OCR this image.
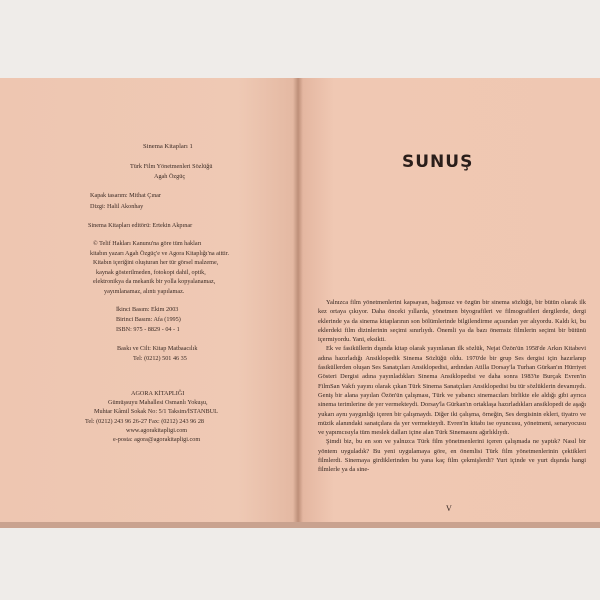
Sinema Kitapları 1
Türk Film Yönetmenleri Sözlüğü
Agah Özgüç
Kapak tasarım: Mithat Çınar
Dizgi: Halil Akonhay
Sinema Kitapları editörü: Ertekin Akpınar
© Telif Hakları Kanunu'na göre tüm hakları
kitabın yazarı Agah Özgüç'e ve Agora Kitaplığı'na aittir.
Kitabın içeriğini oluşturan her tür görsel malzeme,
kaynak gösterilmeden, fotokopi dahil, optik,
elektronikya da mekanik bir yolla kopyalanamaz,
yayımlanamaz, alıntı yapılamaz.
İkinci Basım: Ekim 2003
Birinci Basım: Afa (1995)
ISBN: 975 - 8829 - 04 - 1
Baskı ve Cilt: Kitap Matbaacılık
Tel: (0212) 501 46 35
AGORA KİTAPLIĞI
Gümüşsuyu Mahallesi Osmanlı Yokuşu,
Muhtar Kâmil Sokak No: 5/1 Taksim/İSTANBUL
Tel: (0212) 243 96 26-27 Fax: (0212) 243 96 28
www.agorakitapligi.com
e-posta: agora@agorakitapligi.com
SUNUŞ

Yalnızca film yönetmenlerini kapsayan, bağımsız ve özgün bir sinema sözlüğü, bir bütün olarak ilk kez ortaya çıkıyor. Daha önceki yıllarda, yönetmen biyografileri ve filmografileri dergilerde, dergi eklerinde ya da sinema kitaplarının son bölümlerinde bilgilendirme açısından yer alıyordu. Kaldı ki, bu eklerdeki film dizinlerinin seçimi sınırlıydı. Önemli ya da bazı önemsiz filmlerin seçimi bir bütünü içermiyordu. Yani, eksikti.

Ek ve fasiküllerin dışında kitap olarak yayınlanan ilk sözlük, Nejat Özön'ün 1958'de Arkın Kitabevi adına hazırladığı Ansiklopedik Sinema Sözlüğü oldu. 1970'de bir grup Ses dergisi için hazırlanıp fasiküllerden oluşan Ses Sanatçıları Ansiklopedisi, ardından Atilla Dorsay'la Turhan Gürkan'ın Hürriyet Gösteri Dergisi adına yayınladıkları Sinema Ansiklopedisi ve daha sonra 1983'te Burçak Evren'in FilmSan Vakfı yayını olarak çıkan Türk Sinema Sanatçıları Ansiklopedisi bu tür sözlüklerin devamıydı. Geniş bir alana yayılan Özön'ün çalışması, Türk ve yabancı sinemacıları birlikte ele aldığı gibi ayrıca sinema terimlerine de yer vermekteydi. Dorsay'la Gürkan'ın ortaklaşa hazırladıkları ansiklopedi de aşağı yukarı aynı yaygınlığı içeren bir çalışmaydı. Diğer iki çalışma, örneğin, Ses dergisinin ekleri, tiyatro ve müzik alanındaki sanatçılara da yer vermekteydi. Evren'in kitabı ise oyuncusu, yönetmeni, senaryocusu ve yapımcısıyla tüm meslek dalları içine alan Türk Sinemasını ağırlıklıydı.

Şimdi biz, bu en son ve yalnızca Türk film yönetmenlerini içeren çalışmada ne yaptık? Nasıl bir yöntem uyguladık? Bu yeni uygulamaya göre, en önemlisi Türk film yönetmenlerinin çektikleri filmlerdi. Sinemaya girdiklerinden bu yana kaç film çekmişlerdi? Yurt içinde ve yurt dışında hangi filmlerle ya da sine-

V
